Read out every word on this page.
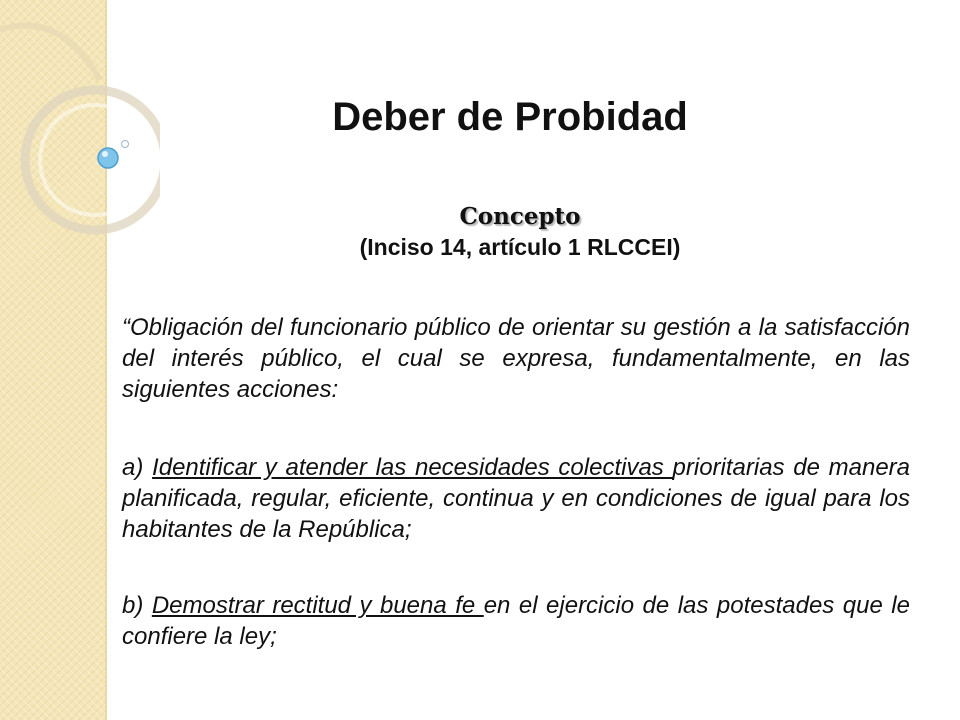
Deber de Probidad
Concepto
(Inciso 14, artículo 1 RLCCEI)
“Obligación del funcionario público de orientar su gestión a la satisfacción del interés público, el cual se expresa, fundamentalmente, en las siguientes acciones:
a) Identificar y atender las necesidades colectivas prioritarias de manera planificada, regular, eficiente, continua y en condiciones de igual para los habitantes de la República;
b) Demostrar rectitud y buena fe en el ejercicio de las potestades que le confiere la ley;
